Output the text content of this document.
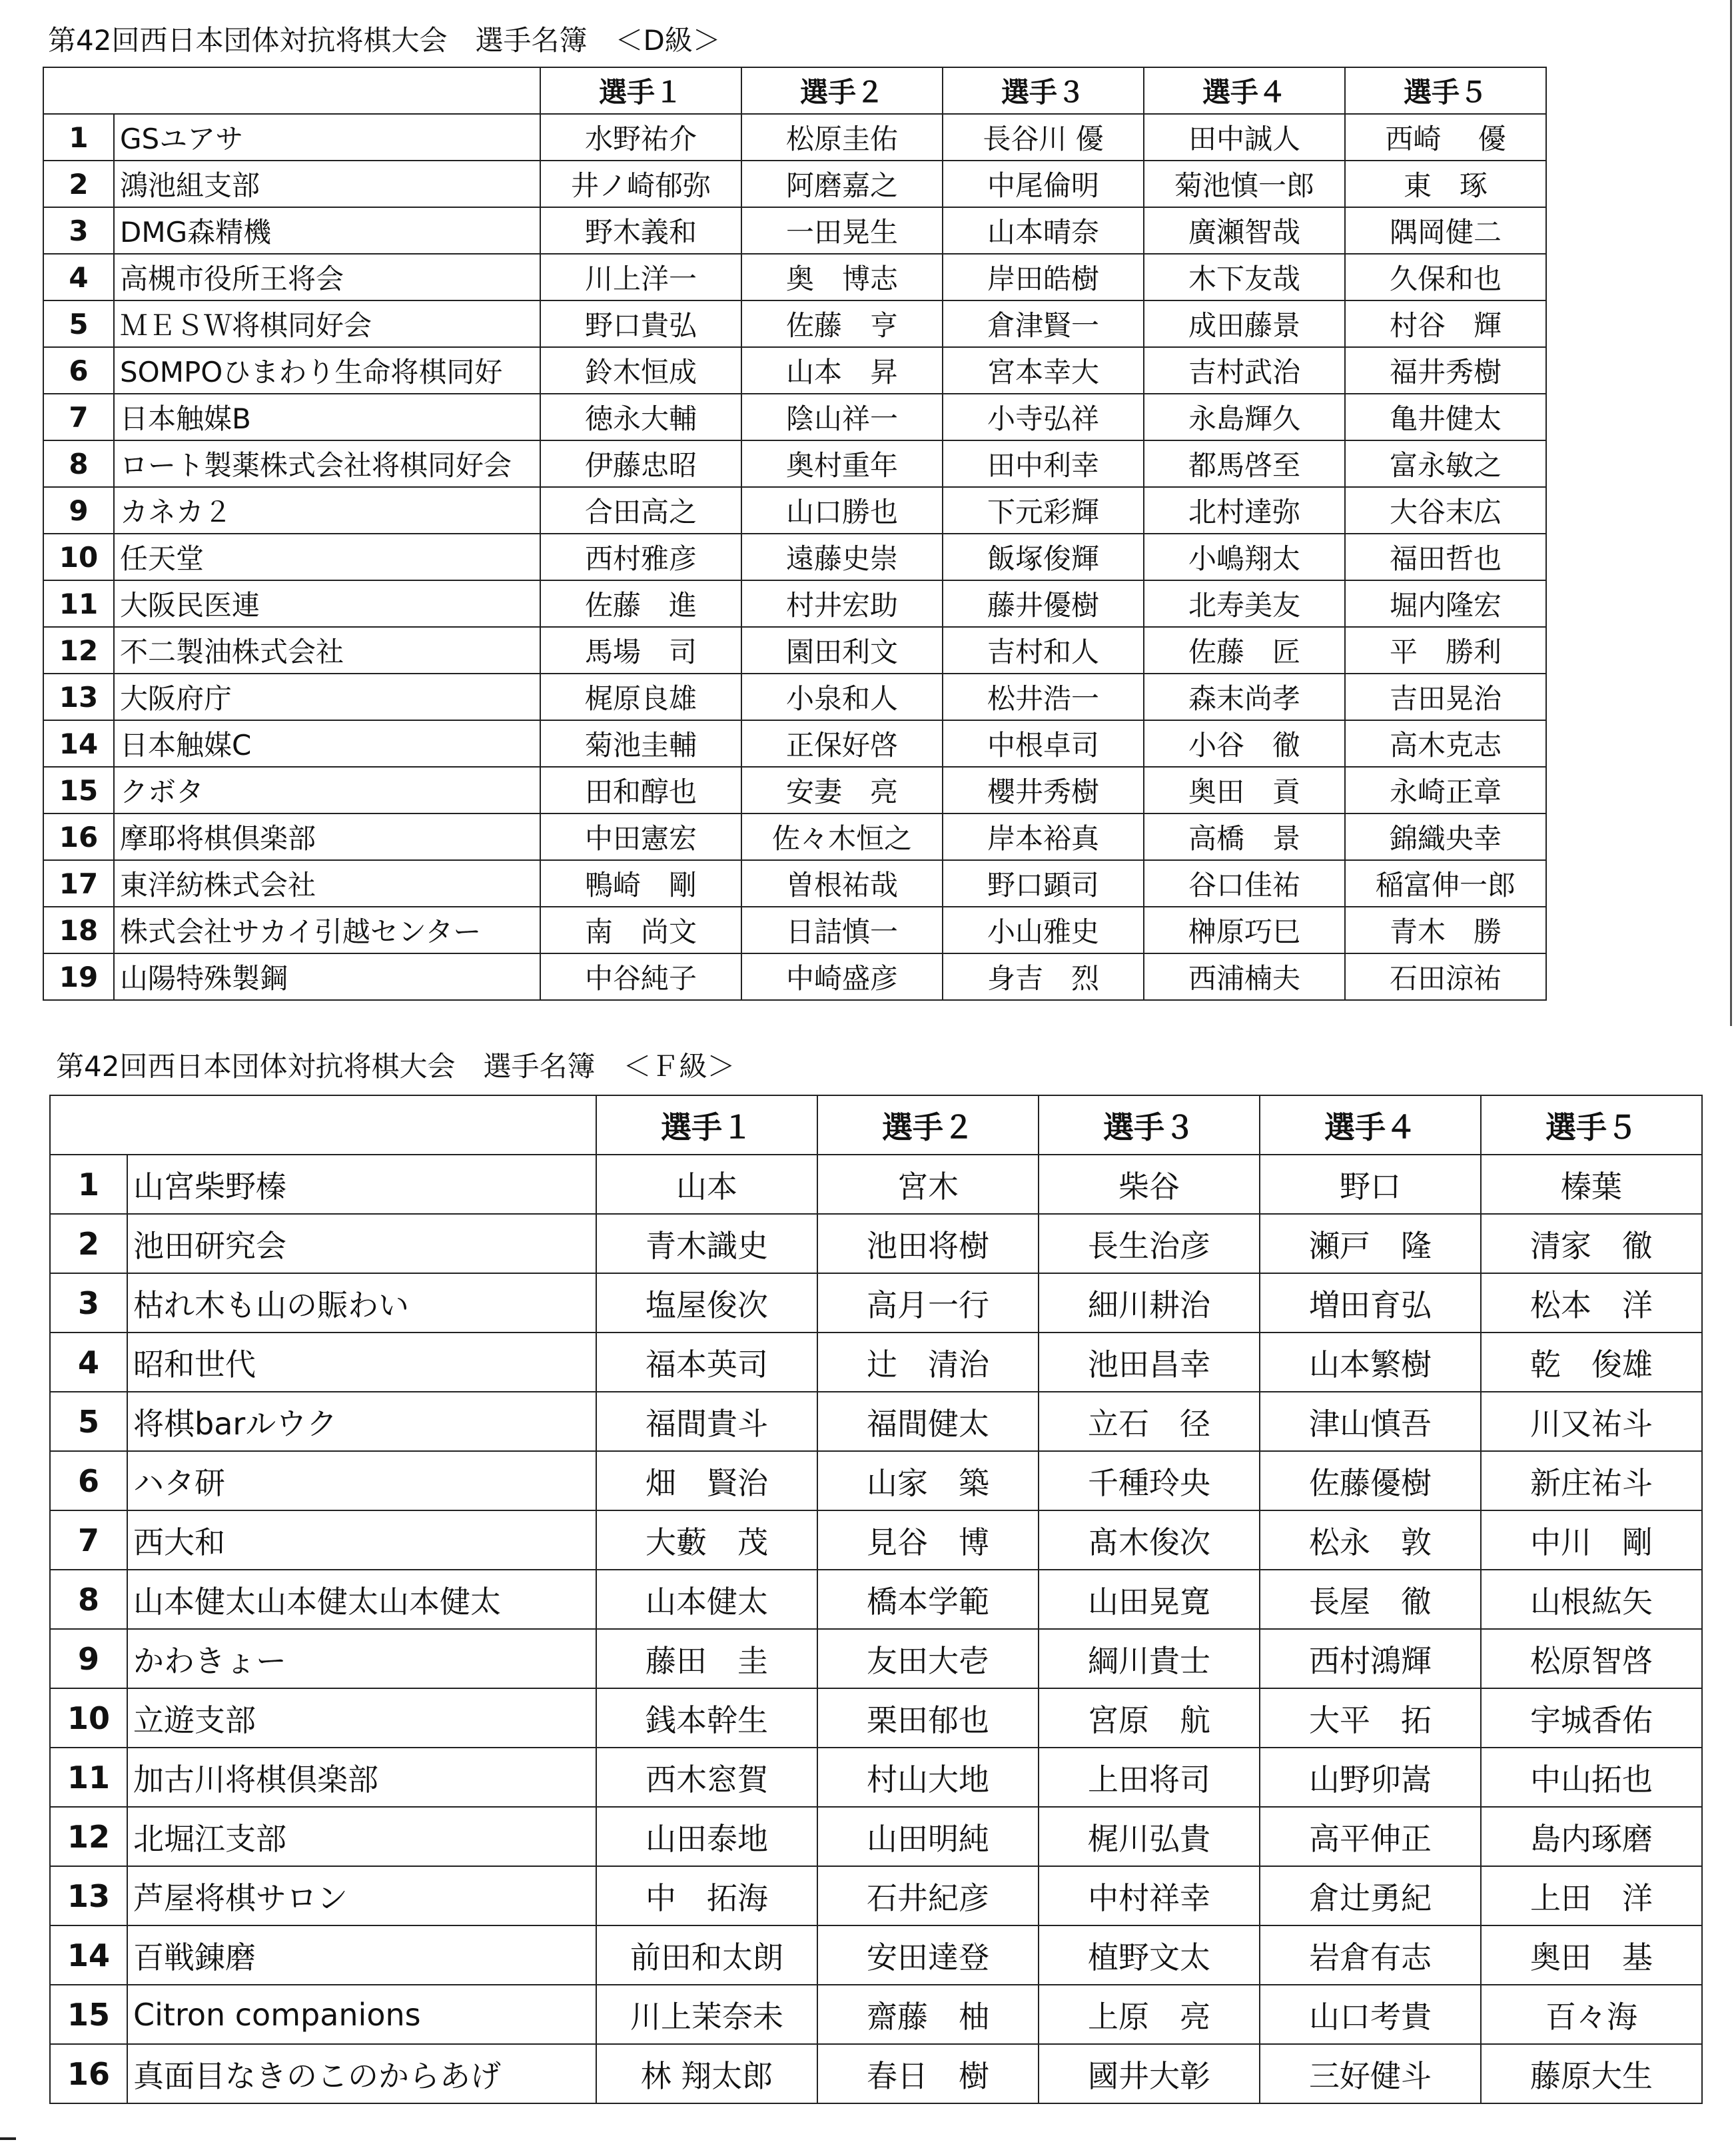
第42回西日本団体対抗将棋大会　選手名簿　＜D級＞
		選手１	選手２	選手３	選手４	選手５
1	GSユアサ	水野祐介	松原圭佑	長谷川 優	田中誠人	西崎　 優
2	鴻池組支部	井ノ崎郁弥	阿磨嘉之	中尾倫明	菊池慎一郎	東　琢
3	DMG森精機	野木義和	一田晃生	山本晴奈	廣瀬智哉	隅岡健二
4	高槻市役所王将会	川上洋一	奥　博志	岸田皓樹	木下友哉	久保和也
5	ＭＥＳＷ将棋同好会	野口貴弘	佐藤　亨	倉津賢一	成田藤景	村谷　輝
6	SOMPOひまわり生命将棋同好	鈴木恒成	山本　昇	宮本幸大	吉村武治	福井秀樹
7	日本触媒B	徳永大輔	陰山祥一	小寺弘祥	永島輝久	亀井健太
8	ロート製薬株式会社将棋同好会	伊藤忠昭	奥村重年	田中利幸	都馬啓至	富永敏之
9	カネカ２	合田高之	山口勝也	下元彩輝	北村達弥	大谷末広
10	任天堂	西村雅彦	遠藤史崇	飯塚俊輝	小嶋翔太	福田哲也
11	大阪民医連	佐藤　進	村井宏助	藤井優樹	北寿美友	堀内隆宏
12	不二製油株式会社	馬場　司	園田利文	吉村和人	佐藤　匠	平　勝利
13	大阪府庁	梶原良雄	小泉和人	松井浩一	森末尚孝	吉田晃治
14	日本触媒C	菊池圭輔	正保好啓	中根卓司	小谷　徹	高木克志
15	クボタ	田和醇也	安妻　亮	櫻井秀樹	奥田　貢	永崎正章
16	摩耶将棋倶楽部	中田憲宏	佐々木恒之	岸本裕真	高橋　景	錦織央幸
17	東洋紡株式会社	鴨崎　剛	曽根祐哉	野口顕司	谷口佳祐	稲富伸一郎
18	株式会社サカイ引越センター	南　尚文	日詰慎一	小山雅史	榊原巧巳	青木　勝
19	山陽特殊製鋼	中谷純子	中崎盛彦	身吉　烈	西浦楠夫	石田涼祐
第42回西日本団体対抗将棋大会　選手名簿　＜Ｆ級＞
		選手１	選手２	選手３	選手４	選手５
1	山宮柴野榛	山本	宮木	柴谷	野口	榛葉
2	池田研究会	青木識史	池田将樹	長生治彦	瀬戸　隆	清家　徹
3	枯れ木も山の賑わい	塩屋俊次	高月一行	細川耕治	増田育弘	松本　洋
4	昭和世代	福本英司	辻　清治	池田昌幸	山本繁樹	乾　俊雄
5	将棋barルウク	福間貴斗	福間健太	立石　径	津山慎吾	川又祐斗
6	ハタ研	畑　賢治	山家　築	千種玲央	佐藤優樹	新庄祐斗
7	西大和	大藪　茂	見谷　博	髙木俊次	松永　敦	中川　剛
8	山本健太山本健太山本健太	山本健太	橋本学範	山田晃寛	長屋　徹	山根紘矢
9	かわきょー	藤田　圭	友田大壱	綱川貴士	西村鴻輝	松原智啓
10	立遊支部	銭本幹生	栗田郁也	宮原　航	大平　拓	宇城香佑
11	加古川将棋倶楽部	西木窓賀	村山大地	上田将司	山野卯嵩	中山拓也
12	北堀江支部	山田泰地	山田明純	梶川弘貴	高平伸正	島内琢磨
13	芦屋将棋サロン	中　拓海	石井紀彦	中村祥幸	倉辻勇紀	上田　洋
14	百戦錬磨	前田和太朗	安田達登	植野文太	岩倉有志	奥田　基
15	Citron companions	川上茉奈未	齋藤　柚	上原　亮	山口考貴	百々海
16	真面目なきのこのからあげ	林 翔太郎	春日　樹	國井大彰	三好健斗	藤原大生
